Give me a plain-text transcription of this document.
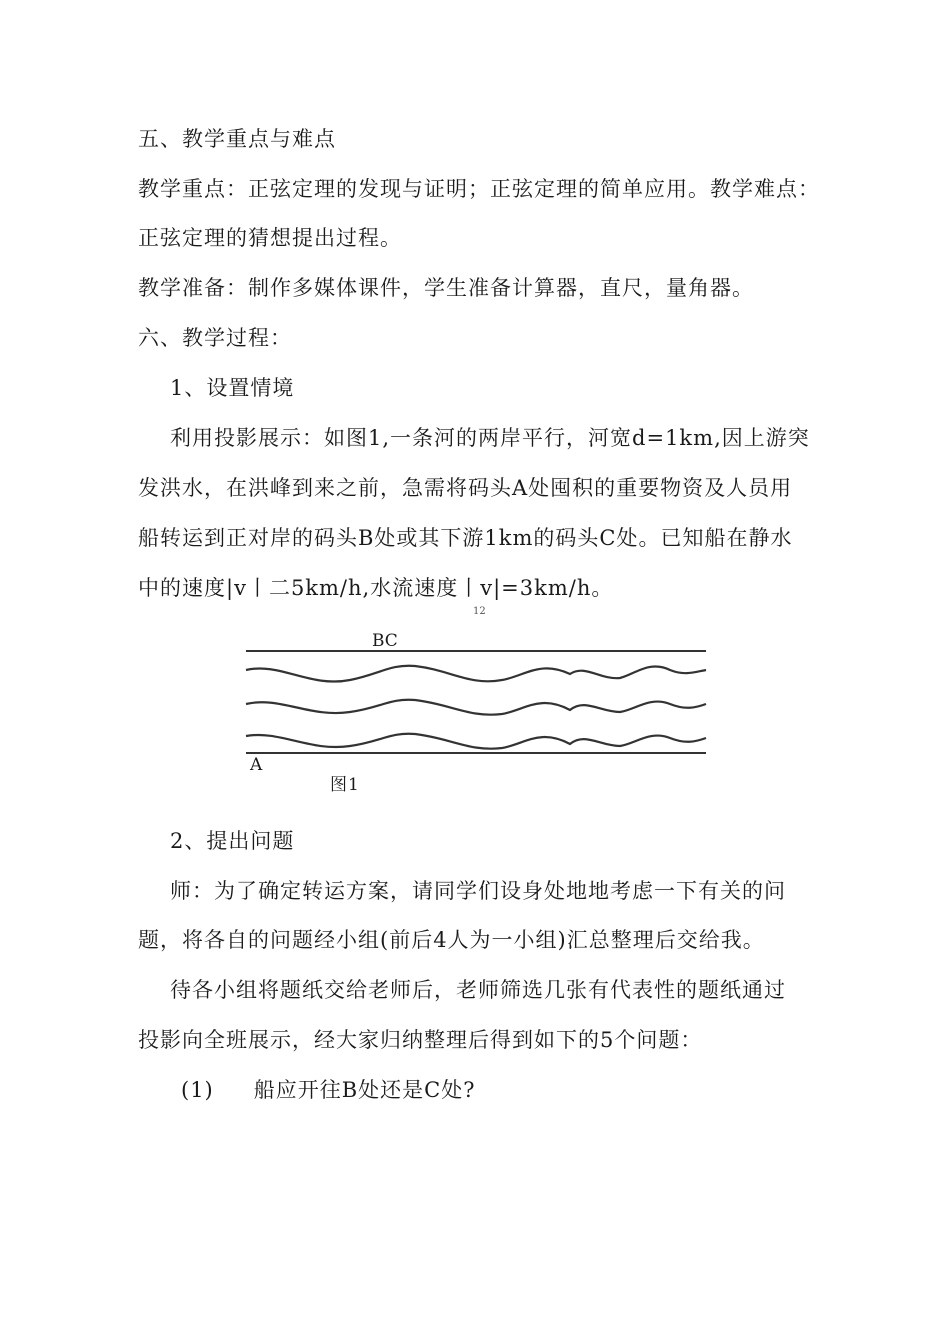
五、教学重点与难点
教学重点：正弦定理的发现与证明；正弦定理的简单应用。教学难点：
正弦定理的猜想提出过程。
教学准备：制作多媒体课件，学生准备计算器，直尺，量角器。
六、教学过程：
1、设置情境
利用投影展示：如图1,一条河的两岸平行，河宽d=1km,因上游突
发洪水，在洪峰到来之前，急需将码头A处囤积的重要物资及人员用
船转运到正对岸的码头B处或其下游1km的码头C处。已知船在静水
中的速度|v丨二5km/h,水流速度丨v|=3km/h。
12
BC
A
图1
2、提出问题
师：为了确定转运方案，请同学们设身处地地考虑一下有关的问
题，将各自的问题经小组(前后4人为一小组)汇总整理后交给我。
待各小组将题纸交给老师后，老师筛选几张有代表性的题纸通过
投影向全班展示，经大家归纳整理后得到如下的5个问题：
(1) 船应开往B处还是C处?
